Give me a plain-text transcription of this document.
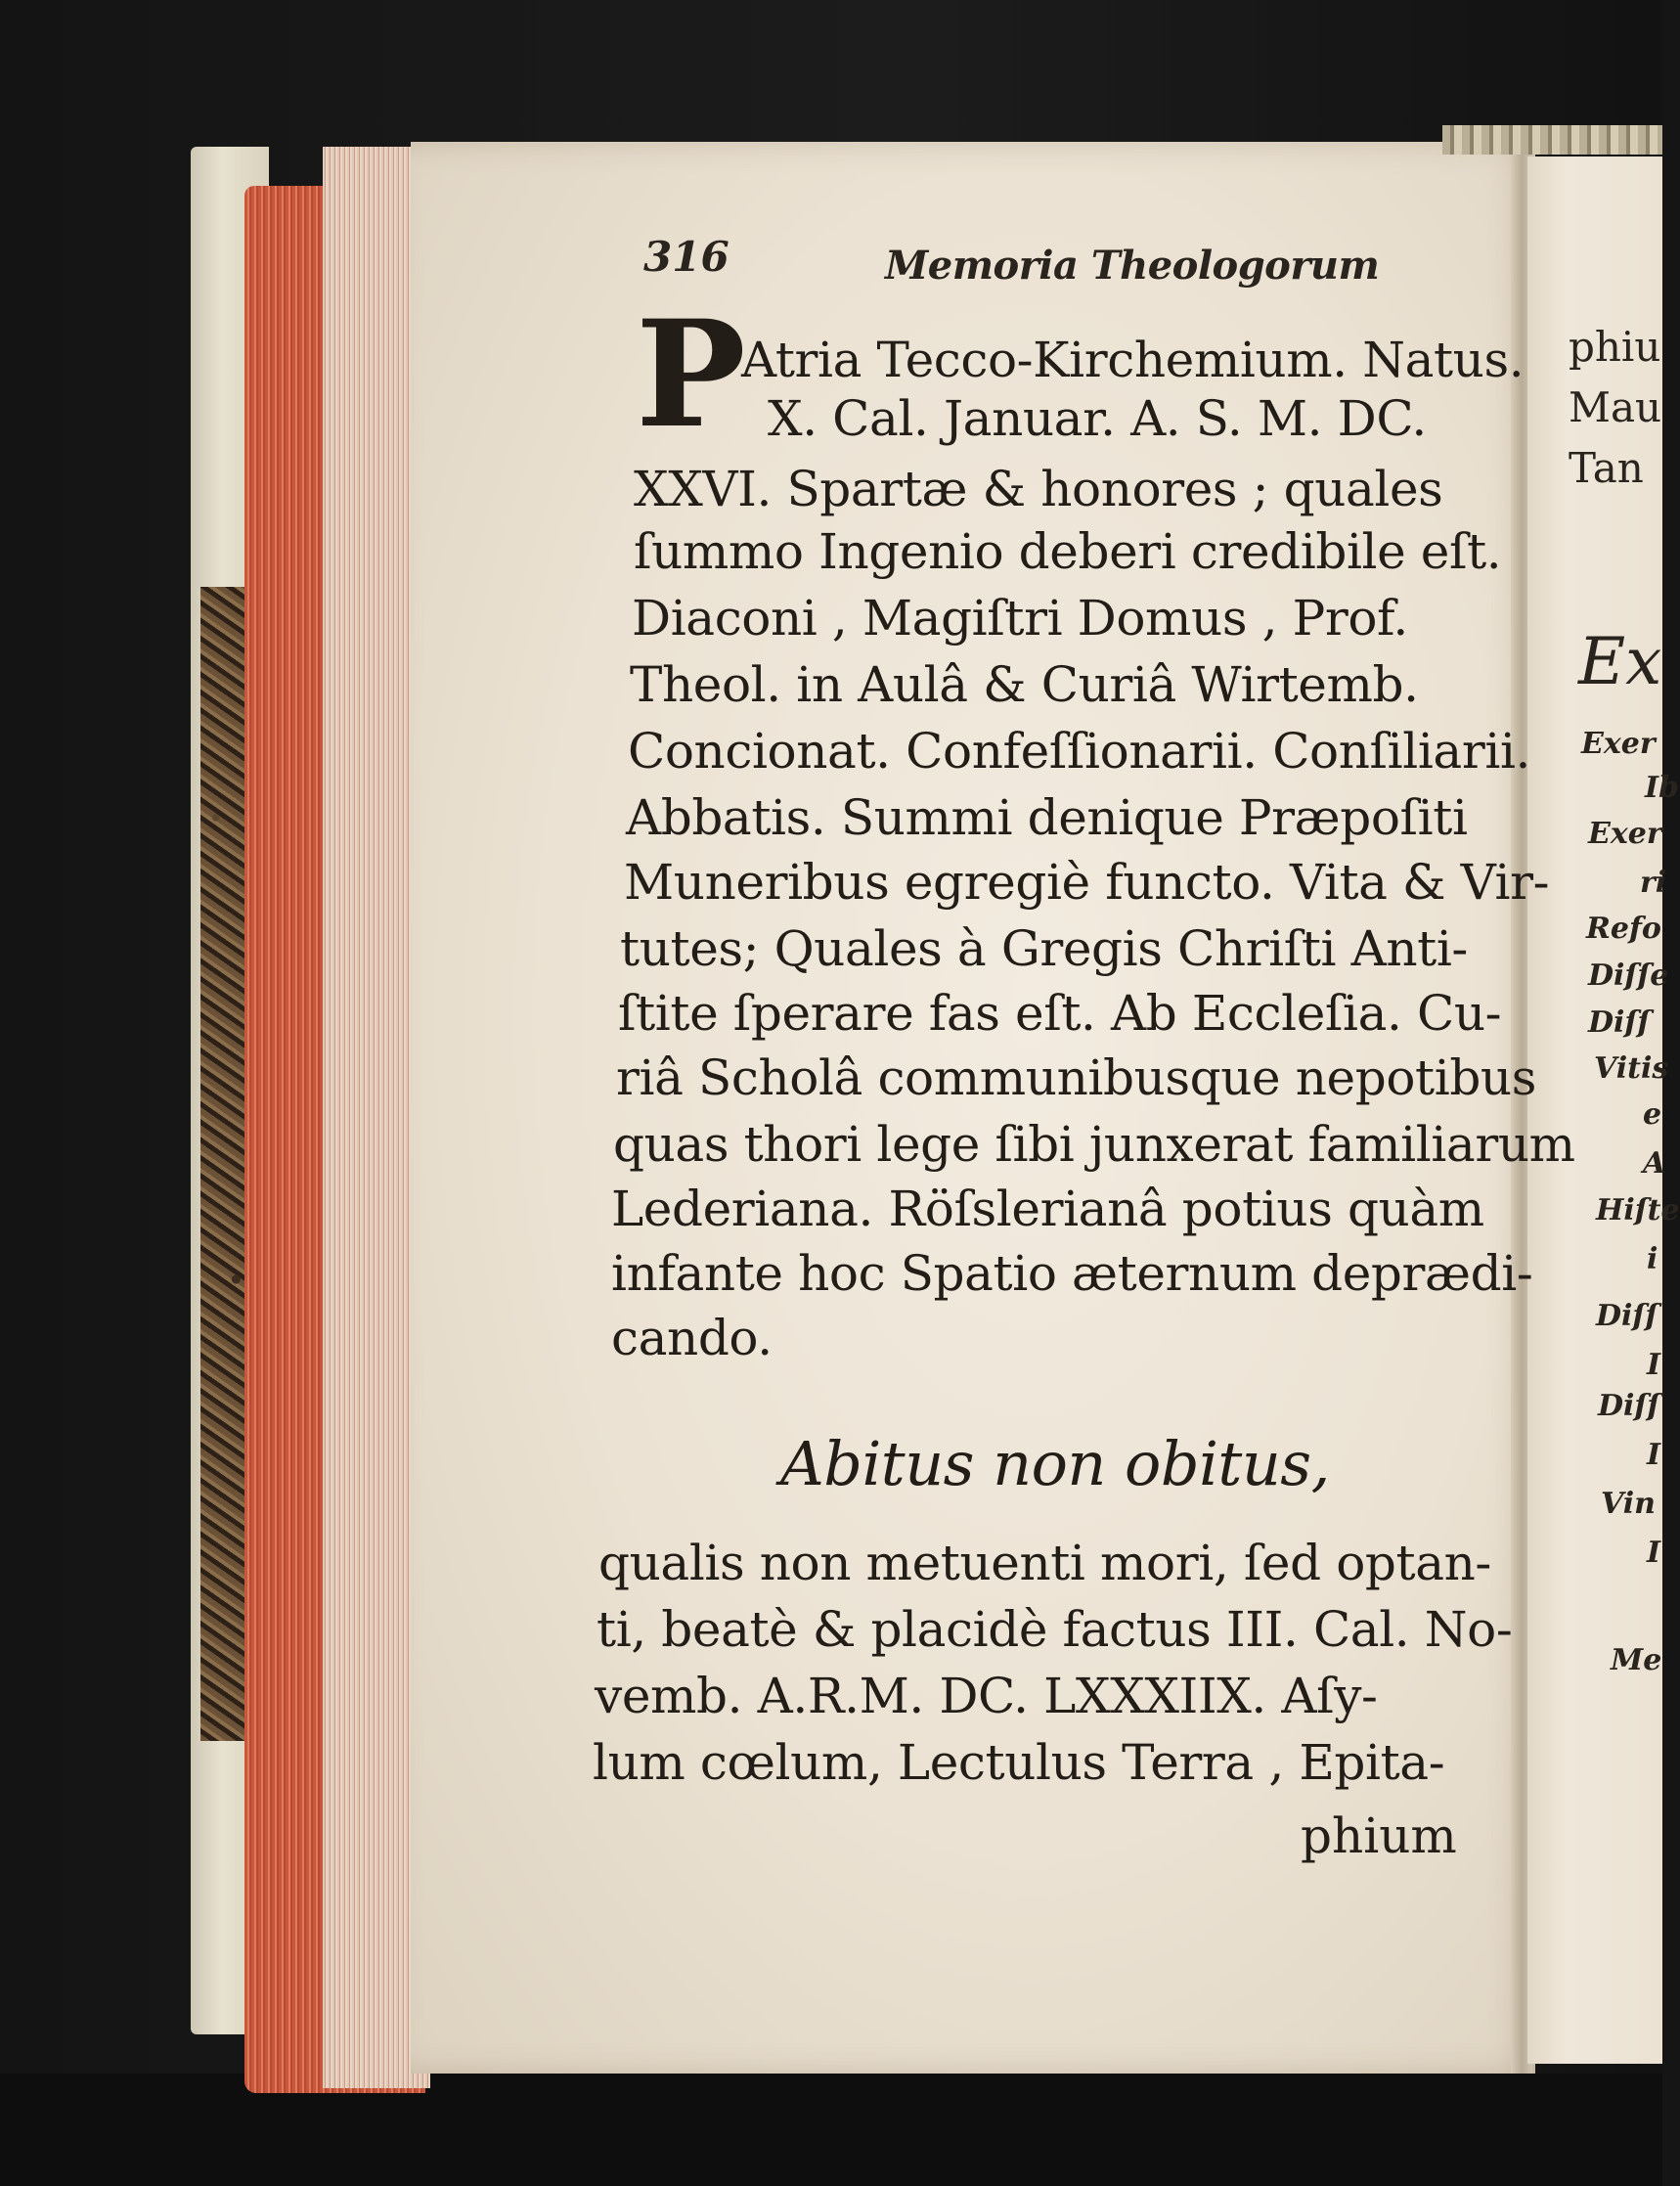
phiu
Mau
Tan
Ex
Exer
Ib
Exer
ri
Refo
Diſſe
Diſſ
Vitis
e
A
Hiſte
i
Diſſ
I
Diſſ
I
Vin
I
Me
316	Memoria Theologorum
P
Atria Tecco-Kirchemium. Natus.
X. Cal. Januar. A. S. M. DC.
XXVI. Spartæ & honores ; quales
ſummo Ingenio deberi credibile eſt.
Diaconi , Magiſtri Domus , Prof.
Theol. in Aulâ & Curiâ Wirtemb.
Concionat. Confeſſionarii. Conſiliarii.
Abbatis. Summi denique Præpoſiti
Muneribus egregiè functo. Vita & Vir-
tutes; Quales à Gregis Chriſti Anti-
ſtite ſperare fas eſt. Ab Eccleſia. Cu-
riâ Scholâ communibusque nepotibus
quas thori lege ſibi junxerat familiarum
Lederiana. Röſslerianâ potius quàm
infante hoc Spatio æternum deprædi-
cando.
Abitus non obitus,
qualis non metuenti mori, ſed optan-
ti, beatè & placidè factus III. Cal. No-
vemb. A.R.M. DC. LXXXIIX. Aſy-
lum cœlum, Lectulus Terra , Epita-
phium
